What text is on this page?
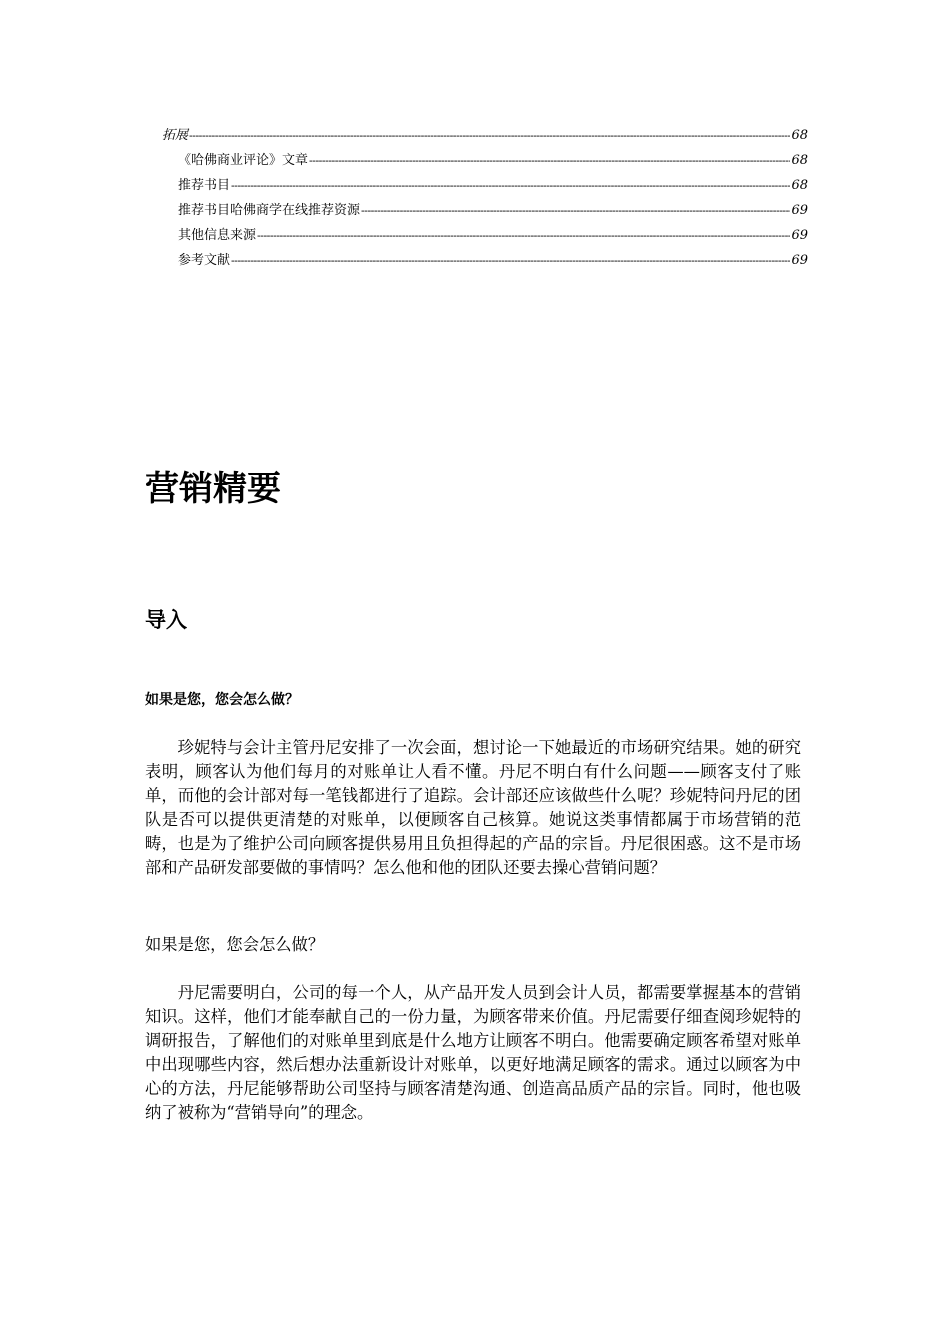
拓展 -----	68
《哈佛商业评论》文章 -----	68
推荐书目 -----	68
推荐书目哈佛商学在线推荐资源 -----	69
其他信息来源 -----	69
参考文献 -----	69
营销精要
导入
如果是您，您会怎么做？

珍妮特与会计主管丹尼安排了一次会面，想讨论一下她最近的市场研究结果。她的研究表明，顾客认为他们每月的对账单让人看不懂。丹尼不明白有什么问题——顾客支付了账单，而他的会计部对每一笔钱都进行了追踪。会计部还应该做些什么呢？珍妮特问丹尼的团队是否可以提供更清楚的对账单，以便顾客自己核算。她说这类事情都属于市场营销的范畴，也是为了维护公司向顾客提供易用且负担得起的产品的宗旨。丹尼很困惑。这不是市场部和产品研发部要做的事情吗？怎么他和他的团队还要去操心营销问题？

如果是您，您会怎么做？

丹尼需要明白，公司的每一个人，从产品开发人员到会计人员，都需要掌握基本的营销知识。这样，他们才能奉献自己的一份力量，为顾客带来价值。丹尼需要仔细查阅珍妮特的调研报告，了解他们的对账单里到底是什么地方让顾客不明白。他需要确定顾客希望对账单中出现哪些内容，然后想办法重新设计对账单，以更好地满足顾客的需求。通过以顾客为中心的方法，丹尼能够帮助公司坚持与顾客清楚沟通、创造高品质产品的宗旨。同时，他也吸纳了被称为“营销导向”的理念。
